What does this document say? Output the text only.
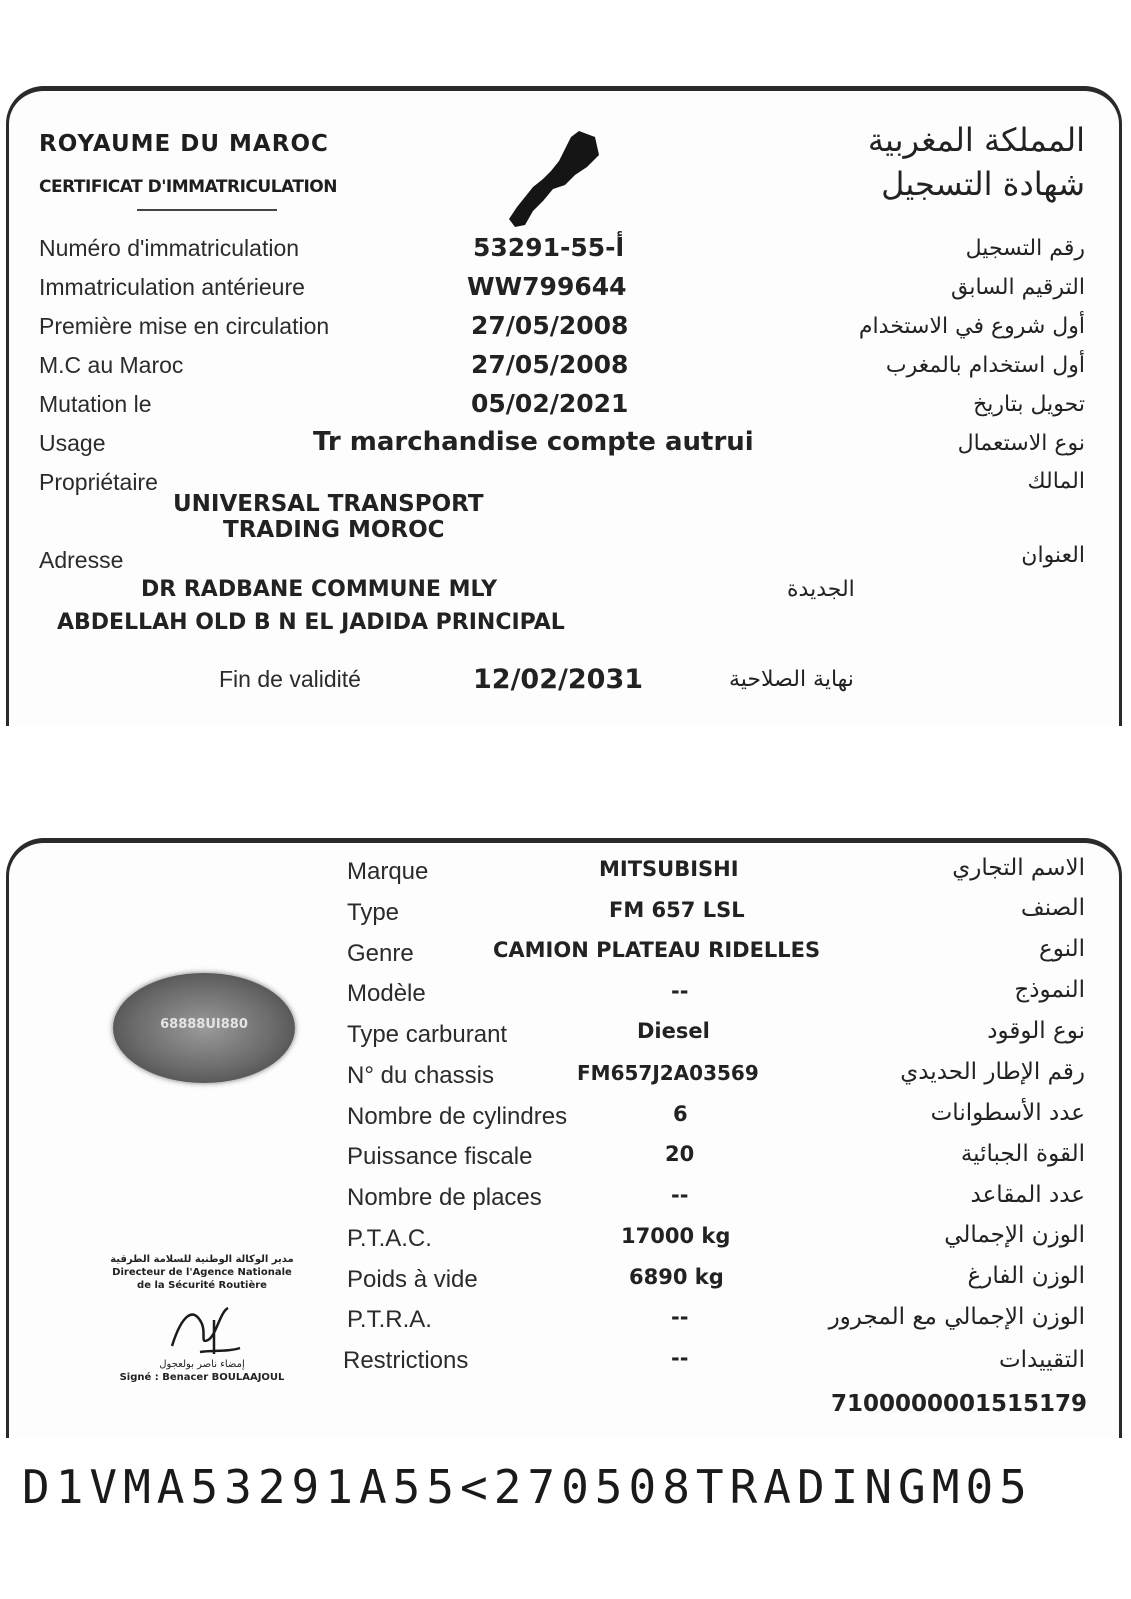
ROYAUME DU MAROC
CERTIFICAT D'IMMATRICULATION
المملكة المغربية
شهادة التسجيل
Numéro d'immatriculation	53291-أ-55	رقم التسجيل
Immatriculation antérieure	WW799644	الترقيم السابق
Première mise en circulation	27/05/2008	أول شروع في الاستخدام
M.C au Maroc	27/05/2008	أول استخدام بالمغرب
Mutation le	05/02/2021	تحويل بتاريخ
Usage	Tr marchandise compte autrui	نوع الاستعمال
Propriétaire	المالك
UNIVERSAL TRANSPORT
TRADING MOROC
Adresse	العنوان
DR RADBANE COMMUNE MLY
ABDELLAH OLD B N EL JADIDA PRINCIPAL
الجديدة
Fin de validité	12/02/2031	نهاية الصلاحية
68888UI880
مدير الوكالة الوطنية للسلامة الطرقية
Directeur de l'Agence Nationale
de la Sécurité Routière
إمضاء ناصر بولعجول
Signé : Benacer BOULAAJOUL
Marque	MITSUBISHI	الاسم التجاري
Type	FM 657 LSL	الصنف
Genre	CAMION PLATEAU RIDELLES	النوع
Modèle	--	النموذج
Type carburant	Diesel	نوع الوقود
N° du chassis	FM657J2A03569	رقم الإطار الحديدي
Nombre de cylindres	6	عدد الأسطوانات
Puissance fiscale	20	القوة الجبائية
Nombre de places	--	عدد المقاعد
P.T.A.C.	17000 kg	الوزن الإجمالي
Poids à vide	6890 kg	الوزن الفارغ
P.T.R.A.	--	الوزن الإجمالي مع المجرور
Restrictions	--	التقييدات
7100000001515179
D1VMA53291A55<270508TRADINGM05
